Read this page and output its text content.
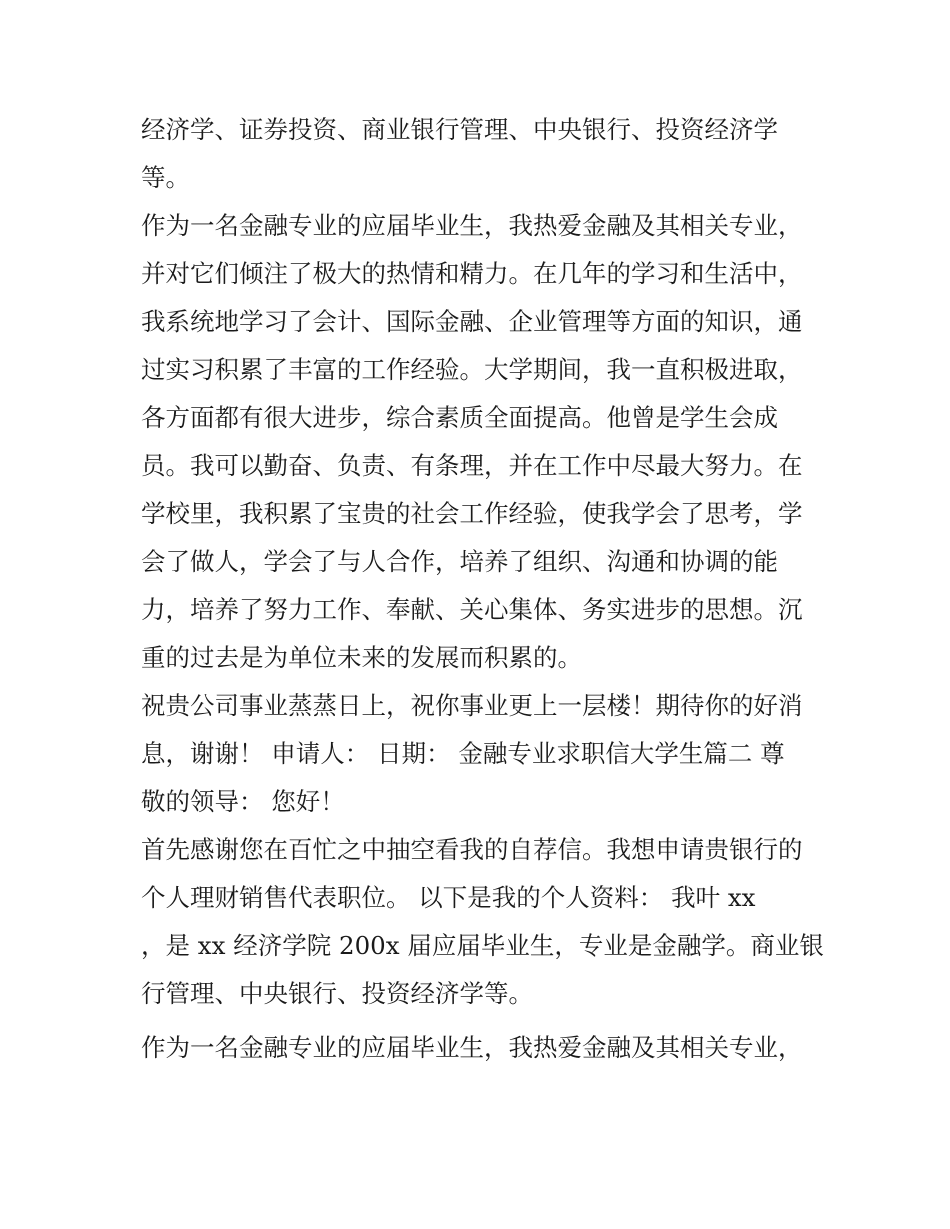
经济学、证券投资、商业银行管理、中央银行、投资经济学
等。
作为一名金融专业的应届毕业生，我热爱金融及其相关专业，
并对它们倾注了极大的热情和精力。在几年的学习和生活中，
我系统地学习了会计、国际金融、企业管理等方面的知识，通
过实习积累了丰富的工作经验。大学期间，我一直积极进取，
各方面都有很大进步，综合素质全面提高。他曾是学生会成
员。我可以勤奋、负责、有条理，并在工作中尽最大努力。在
学校里，我积累了宝贵的社会工作经验，使我学会了思考，学
会了做人，学会了与人合作，培养了组织、沟通和协调的能
力，培养了努力工作、奉献、关心集体、务实进步的思想。沉
重的过去是为单位未来的发展而积累的。
祝贵公司事业蒸蒸日上，祝你事业更上一层楼！期待你的好消
息，谢谢！ 申请人： 日期： 金融专业求职信大学生篇二 尊
敬的领导： 您好！
首先感谢您在百忙之中抽空看我的自荐信。我想申请贵银行的
个人理财销售代表职位。 以下是我的个人资料： 我叶 xx
，是 xx 经济学院 200x 届应届毕业生，专业是金融学。商业银
行管理、中央银行、投资经济学等。
作为一名金融专业的应届毕业生，我热爱金融及其相关专业，
